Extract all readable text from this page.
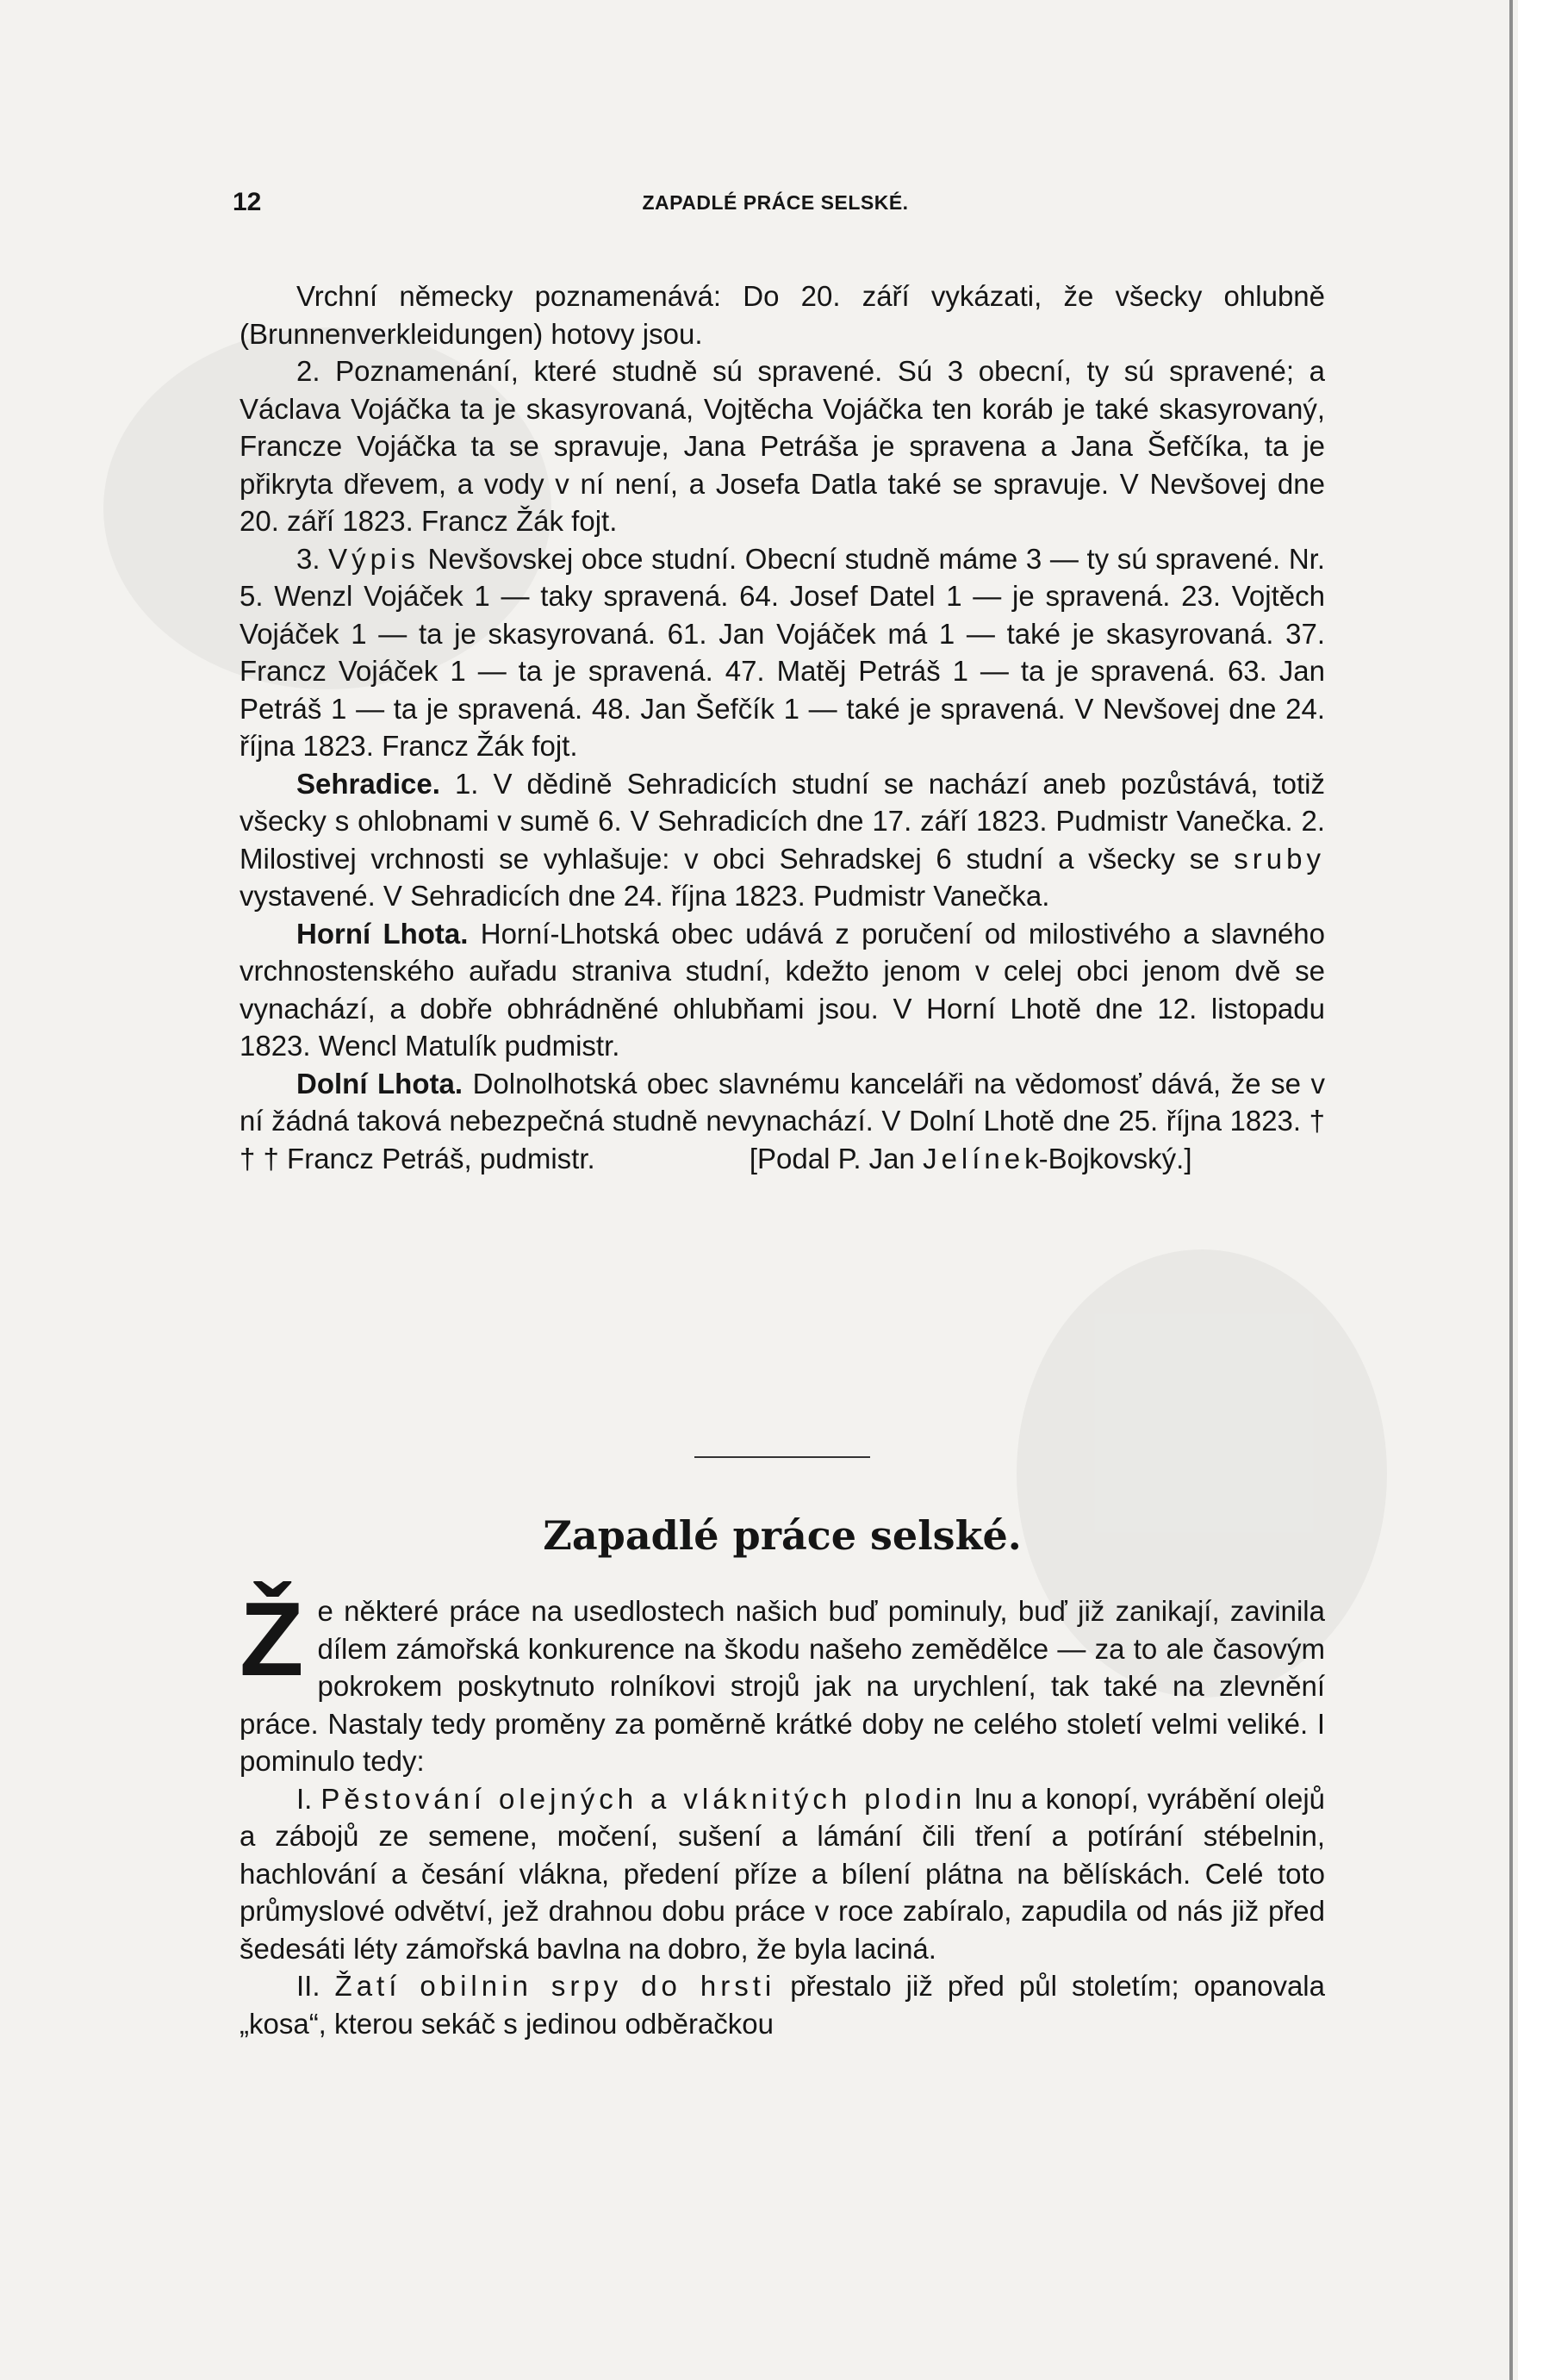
12	ZAPADLÉ PRÁCE SELSKÉ.

Vrchní německy poznamenává: Do 20. září vykázati, že všecky ohlubně (Brunnenverkleidungen) hotovy jsou.

2. Poznamenání, které studně sú spravené. Sú 3 obecní, ty sú spravené; a Václava Vojáčka ta je skasyrovaná, Vojtěcha Vojáčka ten koráb je také skasyrovaný, Francze Vojáčka ta se spravuje, Jana Petráša je spravena a Jana Šefčíka, ta je přikryta dřevem, a vody v ní není, a Josefa Datla také se spravuje. V Nevšovej dne 20. září 1823. Francz Žák fojt.

3. Výpis Nevšovskej obce studní. Obecní studně máme 3 — ty sú spravené. Nr. 5. Wenzl Vojáček 1 — taky spravená. 64. Josef Datel 1 — je spravená. 23. Vojtěch Vojáček 1 — ta je skasyrovaná. 61. Jan Vojáček má 1 — také je skasyrovaná. 37. Francz Vojáček 1 — ta je spravená. 47. Matěj Petráš 1 — ta je spravená. 63. Jan Petráš 1 — ta je spravená. 48. Jan Šefčík 1 — také je spravená. V Nevšovej dne 24. října 1823. Francz Žák fojt.

Sehradice. 1. V dědině Sehradicích studní se nachází aneb pozůstává, totiž všecky s ohlobnami v sumě 6. V Sehradicích dne 17. září 1823. Pudmistr Vanečka. 2. Milostivej vrchnosti se vyhlašuje: v obci Sehradskej 6 studní a všecky se sruby vystavené. V Sehradicích dne 24. října 1823. Pudmistr Vanečka.

Horní Lhota. Horní-Lhotská obec udává z poručení od milostivého a slavného vrchnostenského auřadu straniva studní, kdežto jenom v celej obci jenom dvě se vynachází, a dobře obhrádněné ohlubňami jsou. V Horní Lhotě dne 12. listopadu 1823. Wencl Matulík pudmistr.

Dolní Lhota. Dolnolhotská obec slavnému kanceláři na vědomosť dává, že se v ní žádná taková nebezpečná studně nevynachází. V Dolní Lhotě dne 25. října 1823. † † † Francz Petráš, pudmistr.	[Podal P. Jan Jelínek-Bojkovský.]

Zapadlé práce selské.

Ž e některé práce na usedlostech našich buď pominuly, buď již zanikají, zavinila dílem zámořská konkurence na škodu našeho zemědělce — za to ale časovým pokrokem poskytnuto rolníkovi strojů jak na urychlení, tak také na zlevnění práce. Nastaly tedy proměny za poměrně krátké doby ne celého století velmi veliké. I pominulo tedy:

I. Pěstování olejných a vláknitých plodin lnu a konopí, vyrábění olejů a zábojů ze semene, močení, sušení a lámání čili tření a potírání stébelnin, hachlování a česání vlákna, předení příze a bílení plátna na bělískách. Celé toto průmyslové odvětví, jež drahnou dobu práce v roce zabíralo, zapudila od nás již před šedesáti léty zámořská bavlna na dobro, že byla laciná.

II. Žatí obilnin srpy do hrsti přestalo již před půl stoletím; opanovala „kosa“, kterou sekáč s jedinou odběračkou
